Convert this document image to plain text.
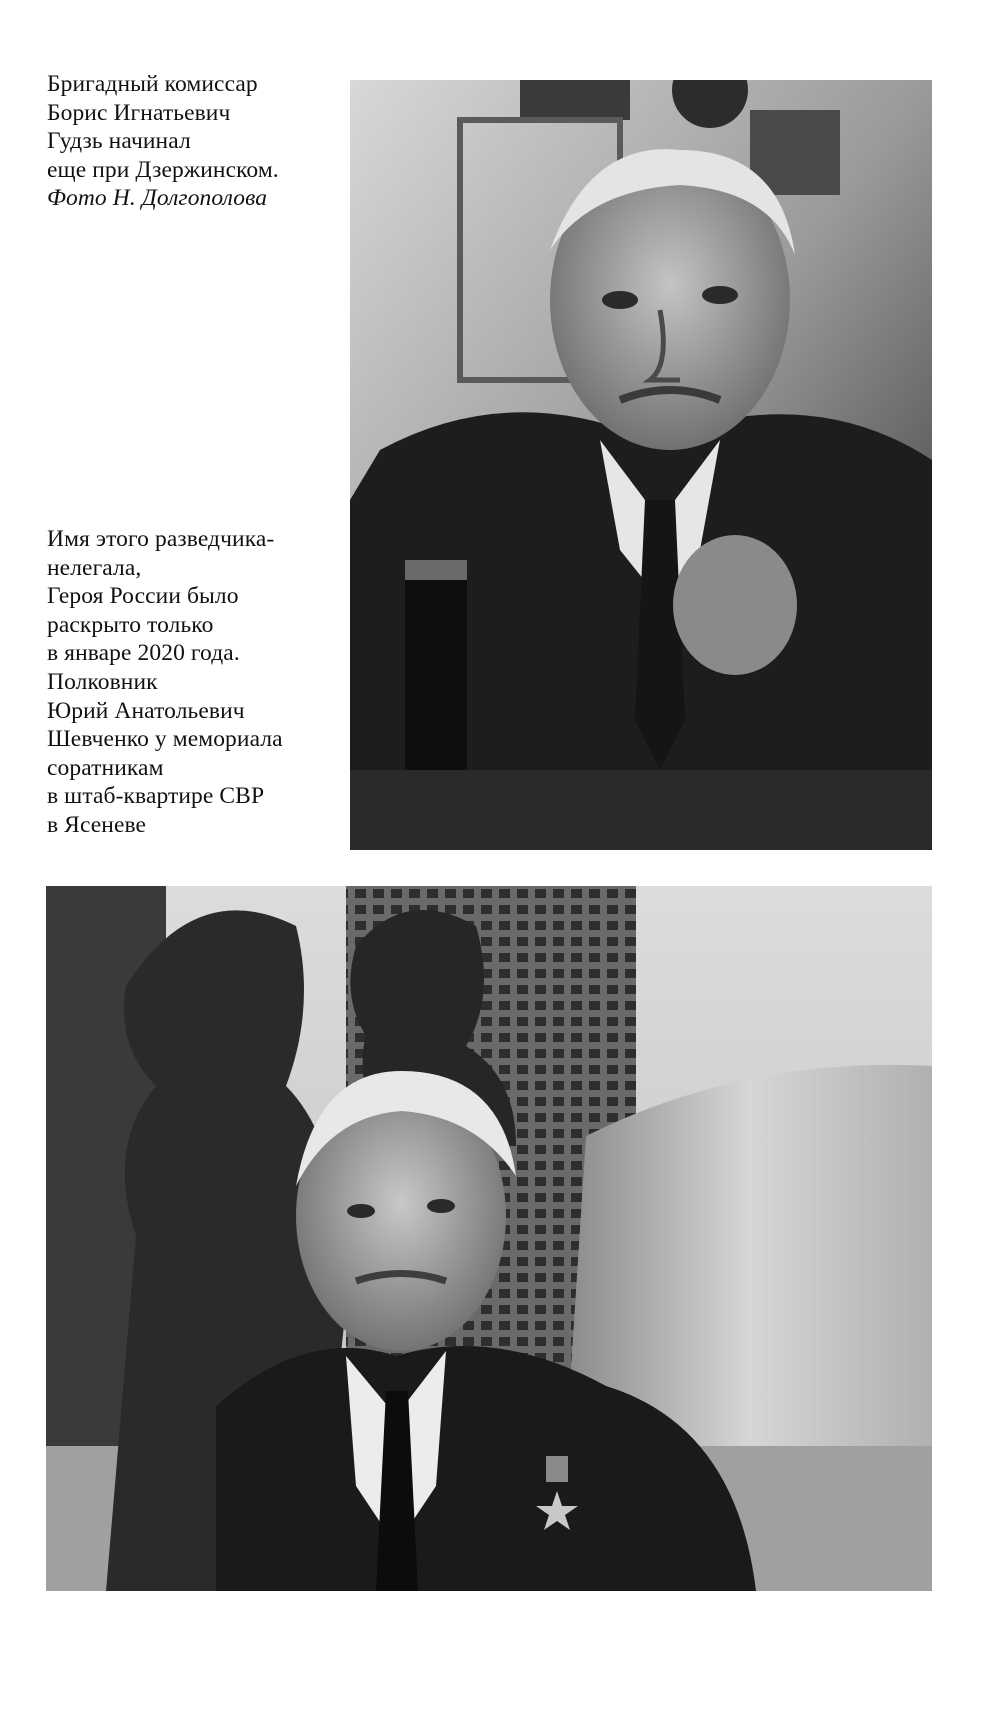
Бригадный комиссар
Борис Игнатьевич
Гудзь начинал
еще при Дзержинском.
Фото Н. Долгополова
Имя этого разведчика-
нелегала,
Героя России было
раскрыто только
в январе 2020 года.
Полковник
Юрий Анатольевич
Шевченко у мемориала
соратникам
в штаб-квартире СВР
в Ясеневе
